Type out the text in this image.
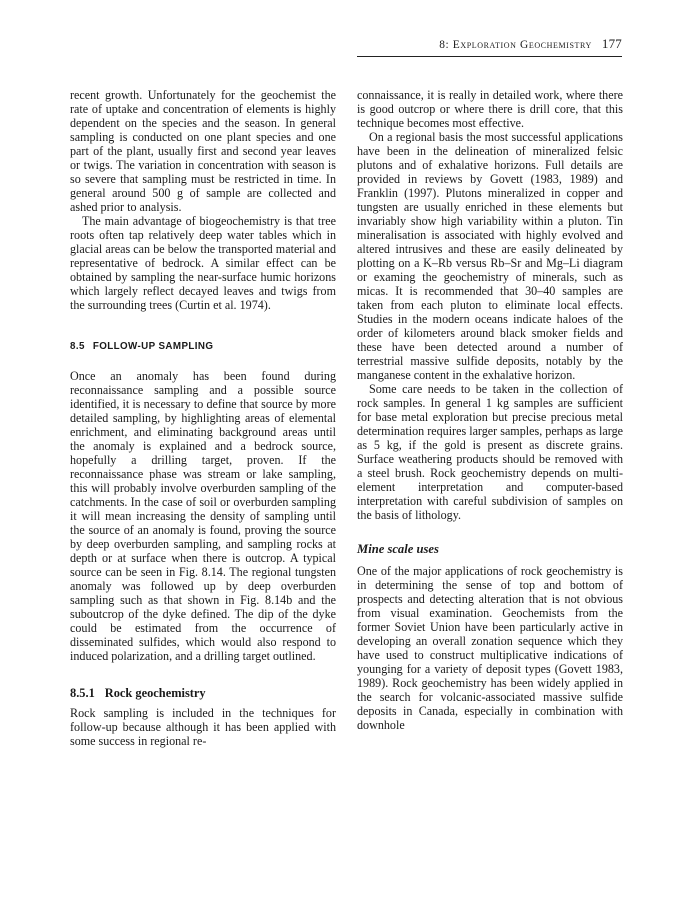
8: Exploration Geochemistry 177

recent growth. Unfortunately for the geochemist the rate of uptake and concentration of elements is highly dependent on the species and the season. In general sampling is conducted on one plant species and one part of the plant, usually first and second year leaves or twigs. The variation in concentration with season is so severe that sampling must be restricted in time. In general around 500 g of sample are collected and ashed prior to analysis.

The main advantage of biogeochemistry is that tree roots often tap relatively deep water tables which in glacial areas can be below the transported material and representative of bedrock. A similar effect can be obtained by sampling the near-surface humic horizons which largely reflect decayed leaves and twigs from the surrounding trees (Curtin et al. 1974).

8.5 FOLLOW-UP SAMPLING

Once an anomaly has been found during reconnaissance sampling and a possible source identified, it is necessary to define that source by more detailed sampling, by highlighting areas of elemental enrichment, and eliminating background areas until the anomaly is explained and a bedrock source, hopefully a drilling target, proven. If the reconnaissance phase was stream or lake sampling, this will probably involve overburden sampling of the catchments. In the case of soil or overburden sampling it will mean increasing the density of sampling until the source of an anomaly is found, proving the source by deep overburden sampling, and sampling rocks at depth or at surface when there is outcrop. A typical source can be seen in Fig. 8.14. The regional tungsten anomaly was followed up by deep overburden sampling such as that shown in Fig. 8.14b and the suboutcrop of the dyke defined. The dip of the dyke could be estimated from the occurrence of disseminated sulfides, which would also respond to induced polarization, and a drilling target outlined.

8.5.1 Rock geochemistry

Rock sampling is included in the techniques for follow-up because although it has been applied with some success in regional re-

connaissance, it is really in detailed work, where there is good outcrop or where there is drill core, that this technique becomes most effective.

On a regional basis the most successful applications have been in the delineation of mineralized felsic plutons and of exhalative horizons. Full details are provided in reviews by Govett (1983, 1989) and Franklin (1997). Plutons mineralized in copper and tungsten are usually enriched in these elements but invariably show high variability within a pluton. Tin mineralisation is associated with highly evolved and altered intrusives and these are easily delineated by plotting on a K–Rb versus Rb–Sr and Mg–Li diagram or examing the geochemistry of minerals, such as micas. It is recommended that 30–40 samples are taken from each pluton to eliminate local effects. Studies in the modern oceans indicate haloes of the order of kilometers around black smoker fields and these have been detected around a number of terrestrial massive sulfide deposits, notably by the manganese content in the exhalative horizon.

Some care needs to be taken in the collection of rock samples. In general 1 kg samples are sufficient for base metal exploration but precise precious metal determination requires larger samples, perhaps as large as 5 kg, if the gold is present as discrete grains. Surface weathering products should be removed with a steel brush. Rock geochemistry depends on multi-element interpretation and computer-based interpretation with careful subdivision of samples on the basis of lithology.

Mine scale uses

One of the major applications of rock geochemistry is in determining the sense of top and bottom of prospects and detecting alteration that is not obvious from visual examination. Geochemists from the former Soviet Union have been particularly active in developing an overall zonation sequence which they have used to construct multiplicative indications of younging for a variety of deposit types (Govett 1983, 1989). Rock geochemistry has been widely applied in the search for volcanic-associated massive sulfide deposits in Canada, especially in combination with downhole
